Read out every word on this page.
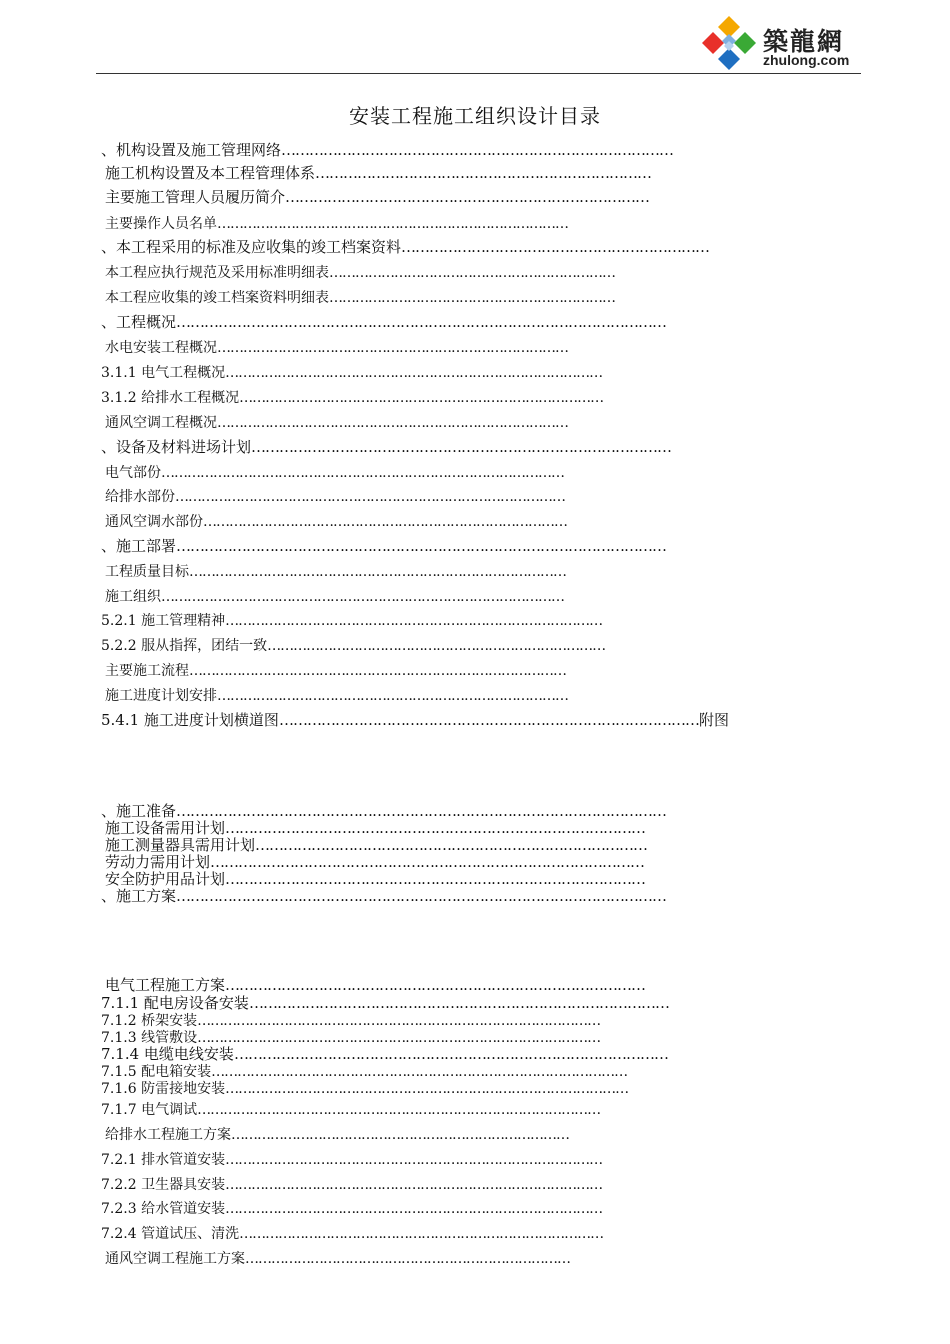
築龍網
zhulong.com
安装工程施工组织设计目录
、机构设置及施工管理网络…………………………………………………………………………
施工机构设置及本工程管理体系………………………………………………………………
主要施工管理人员履历简介……………………………………………………………………
主要操作人员名单………………………………………………………………………
、本工程采用的标准及应收集的竣工档案资料…………………………………………………………
本工程应执行规范及采用标准明细表…………………………………………………………
本工程应收集的竣工档案资料明细表…………………………………………………………
、工程概况……………………………………………………………………………………………
水电安装工程概况………………………………………………………………………
3.1.1 电气工程概况……………………………………………………………………………
3.1.2 给排水工程概况…………………………………………………………………………
通风空调工程概况………………………………………………………………………
、设备及材料进场计划………………………………………………………………………………
电气部份…………………………………………………………………………………
给排水部份………………………………………………………………………………
通风空调水部份…………………………………………………………………………
、施工部署……………………………………………………………………………………………
工程质量目标……………………………………………………………………………
施工组织…………………………………………………………………………………
5.2.1 施工管理精神……………………………………………………………………………
5.2.2 服从指挥，团结一致……………………………………………………………………
主要施工流程……………………………………………………………………………
施工进度计划安排………………………………………………………………………
5.4.1 施工进度计划横道图………………………………………………………………………………附图
、施工准备……………………………………………………………………………………………
施工设备需用计划………………………………………………………………………………
施工测量器具需用计划…………………………………………………………………………
劳动力需用计划…………………………………………………………………………………
安全防护用品计划………………………………………………………………………………
、施工方案……………………………………………………………………………………………
电气工程施工方案………………………………………………………………………………
7.1.1 配电房设备安装………………………………………………………………………………
7.1.2 桥架安装…………………………………………………………………………………
7.1.3 线管敷设…………………………………………………………………………………
7.1.4 电缆电线安装…………………………………………………………………………………
7.1.5 配电箱安装……………………………………………………………………………………
7.1.6 防雷接地安装…………………………………………………………………………………
7.1.7 电气调试…………………………………………………………………………………
给排水工程施工方案……………………………………………………………………
7.2.1 排水管道安装……………………………………………………………………………
7.2.2 卫生器具安装……………………………………………………………………………
7.2.3 给水管道安装……………………………………………………………………………
7.2.4 管道试压、清洗…………………………………………………………………………
通风空调工程施工方案…………………………………………………………………
